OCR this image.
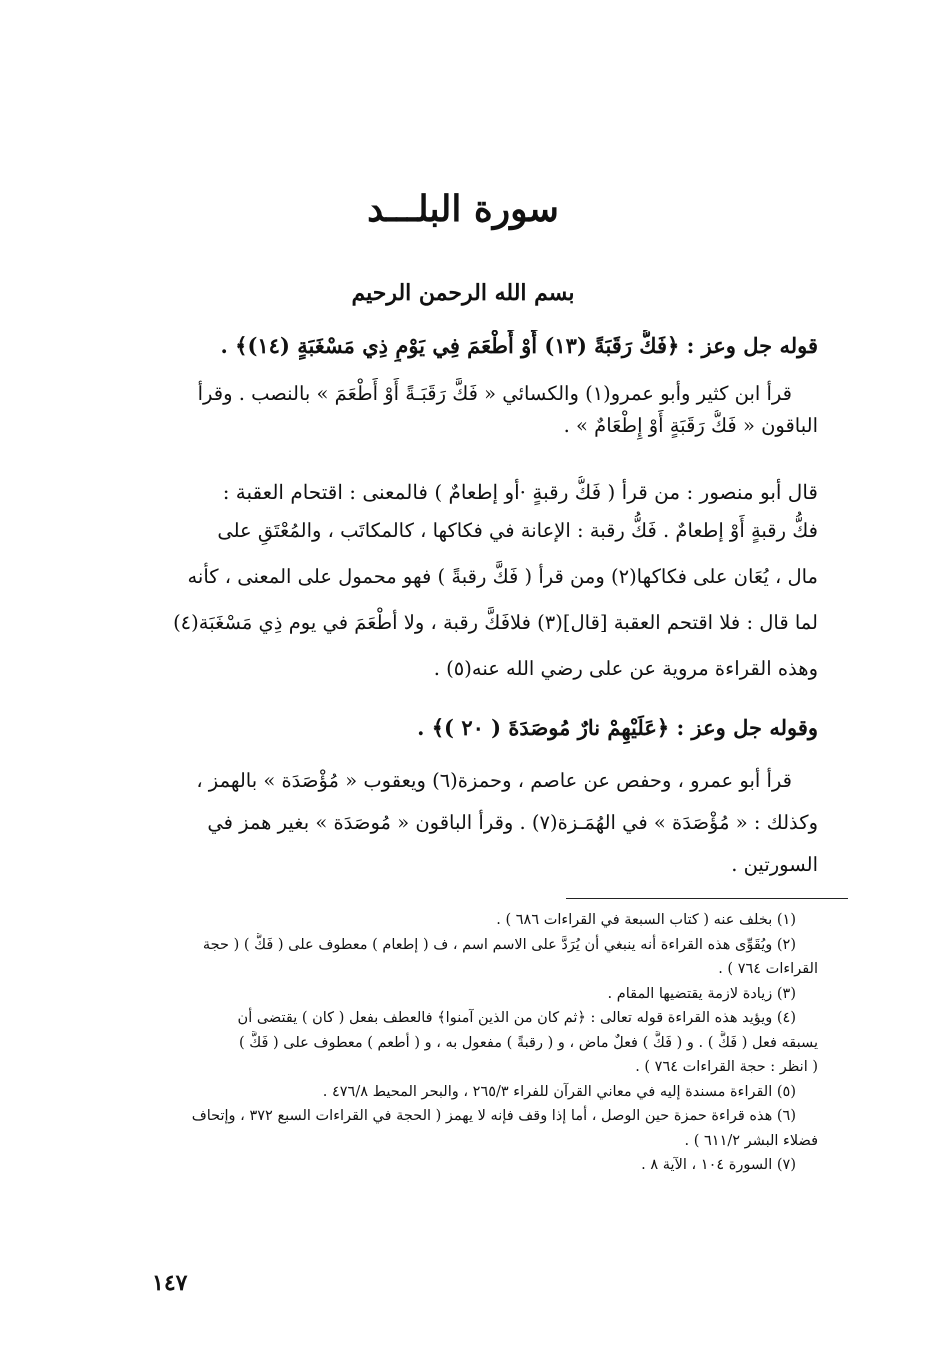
سورة البلـــد
بسم الله الرحمن الرحيم
قوله جل وعز : ﴿فَكُّ رَقَبَةً (١٣) أَوْ أَطْعَمَ فِي يَوْمٍ ذِي مَسْغَبَةٍ (١٤)﴾ .
قرأ ابن كثير وأبو عمرو(١) والكسائي « فَكَّ رَقَبَـةً أَوْ أَطْعَمَ » بالنصب . وقرأ
الباقون « فَكُّ رَقَبَةٍ أَوْ إِطْعَامٌ » .
قال أبو منصور : من قرأ ( فَكُّ رقبةٍ ·أو إطعامٌ ) فالمعنى : اقتحام العقبة :
فكُّ رقبةٍ أَوْ إطعامٌ . فَكُّ رقبة : الإعانة في فكاكها ، كالمكاتَب ، والمُعْتَقِ على
مال ، يُعَان على فكاكها(٢) ومن قرأ ( فَكَّ رقبةً ) فهو محمول على المعنى ، كأنه
لما قال : فلا اقتحم العقبة [قال](٣) فلافَكَّ رقبة ، ولا أطْعَمَ في يوم ذِي مَسْغَبَة(٤)
وهذه القراءة مروية عن على رضي الله عنه(٥) .
وقوله جل وعز : ﴿عَلَيْهِمْ نارٌ مُوصَدَةَ ( ٢٠ )﴾ .
قرأ أبو عمرو ، وحفص عن عاصم ، وحمزة(٦) ويعقوب « مُؤْصَدَة » بالهمز ،
وكذلك : « مُؤْصَدَة » في الهُمَـزة(٧) . وقرأ الباقون « مُوصَدَة » بغير همز في
السورتين .
(١) بخلف عنه ( كتاب السبعة في القراءات ٦٨٦ ) .
(٢) ويُقَوِّى هذه القراءة أنه ينبغي أن يُرَدَّ على الاسم اسم ، ف ( إطعام ) معطوف على ( فَكُّ ) ( حجة
القراءات ٧٦٤ ) .
(٣) زيادة لازمة يقتضيها المقام .
(٤) ويؤيد هذه القراءة قوله تعالى : ﴿ثم كان من الذين آمنوا﴾ فالعطف بفعل ( كان ) يقتضى أن
يسبقه فعل ( فَكَّ ) . و ( فَكَّ ) فعلٌ ماض ، و ( رقبةً ) مفعول به ، و ( أطعم ) معطوف على ( فَكَّ )
( انظر : حجة القراءات ٧٦٤ ) .
(٥) القراءة مسندة إليه في معاني القرآن للفراء ٢٦٥/٣ ، والبحر المحيط ٤٧٦/٨ .
(٦) هذه قراءة حمزة حين الوصل ، أما إذا وقف فإنه لا يهمز ( الحجة في القراءات السبع ٣٧٢ ، وإتحاف
فضلاء البشر ٦١١/٢ ) .
(٧) السورة ١٠٤ ، الآية ٨ .
١٤٧
